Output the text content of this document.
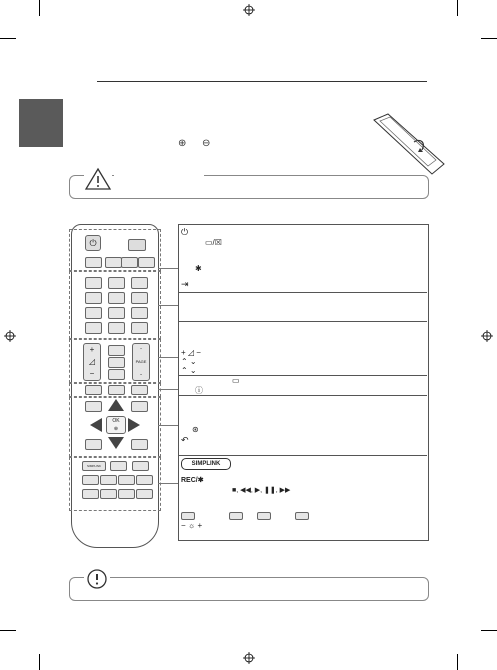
⊕ ⊖
⏻
+
◿
−
⌃
PAGE
⌄
OK
⊛
SIMPLINK
⏻
▭/☒
✱
⇥
+ ◿ −
⌃ ⌄
⌃ ⌄
▭
ⓘ
⊛
↶
SIMPLINK
REC/✱
■, ◀◀, ▶, ❚❚, ▶▶
− ☼ +
